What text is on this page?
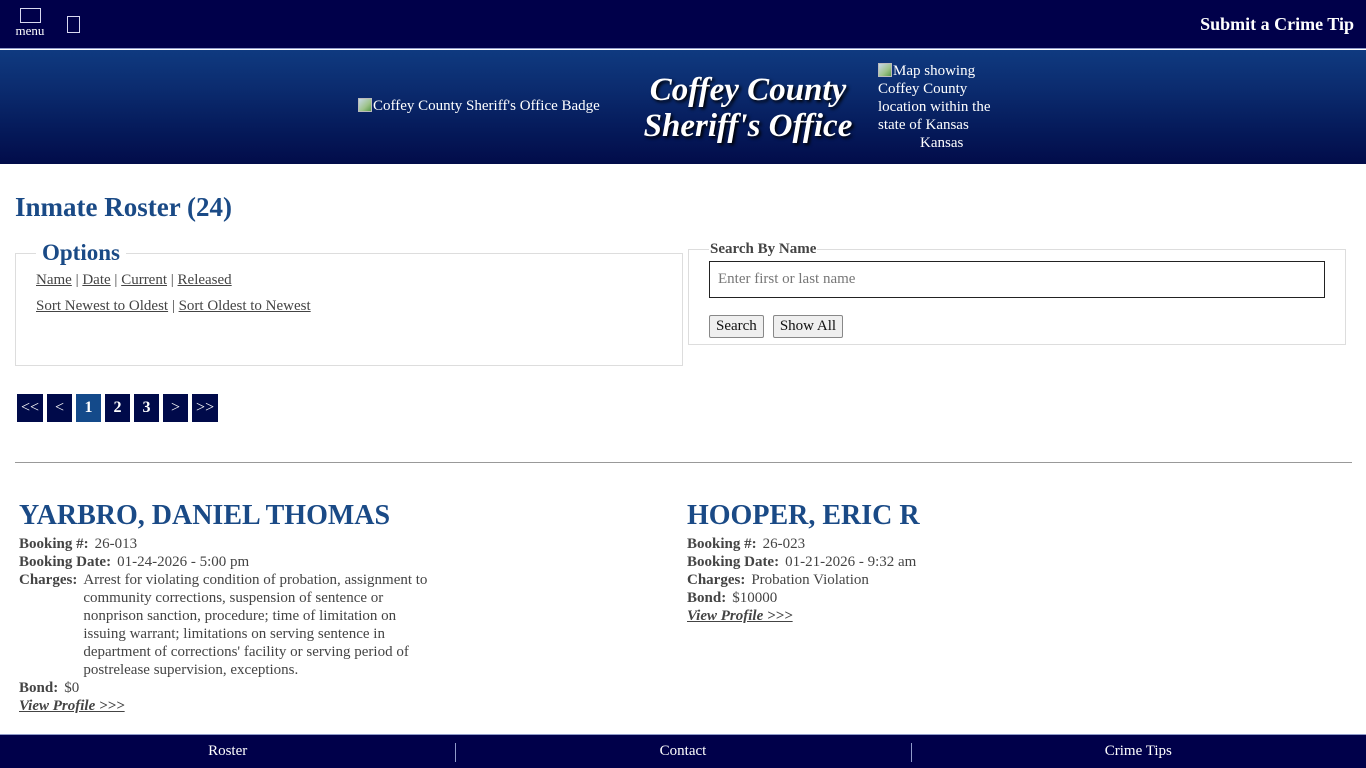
menu	Submit a Crime Tip
Coffey County Sheriff's Office Badge	Coffey County
Sheriff's Office
Map showing Coffey County location within the state of Kansas
Kansas
Inmate Roster (24)
Options
Name | Date | Current | Released
Sort Newest to Oldest | Sort Oldest to Newest
Search By Name
Enter first or last name
Search Show All
<< <	1	2	3	> >>
YARBRO, DANIEL THOMAS
Booking #: 26-013
Booking Date: 01-24-2026 - 5:00 pm
Charges: Arrest for violating condition of probation, assignment to community corrections, suspension of sentence or nonprison sanction, procedure; time of limitation on issuing warrant; limitations on serving sentence in department of corrections' facility or serving period of postrelease supervision, exceptions.
Bond: $0
View Profile >>>
HOOPER, ERIC R
Booking #: 26-023
Booking Date: 01-21-2026 - 9:32 am
Charges: Probation Violation
Bond: $10000
View Profile >>>
Roster	Contact	Crime Tips
